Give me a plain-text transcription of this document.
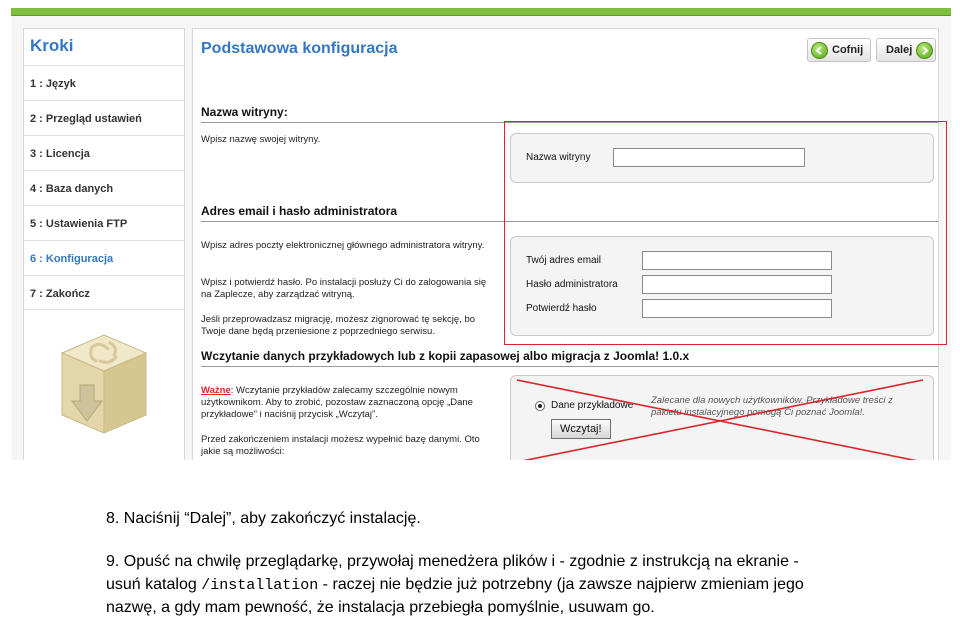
Kroki
1 : Język
2 : Przegląd ustawień
3 : Licencja
4 : Baza danych
5 : Ustawienia FTP
6 : Konfiguracja
7 : Zakończ
Podstawowa konfiguracja	Cofnij	Dalej
Nazwa witryny:
Wpisz nazwę swojej witryny.
Nazwa witryny
Adres email i hasło administratora
Wpisz adres poczty elektronicznej głównego administratora witryny.
Wpisz i potwierdź hasło. Po instalacji posłuży Ci do zalogowania się na Zaplecze, aby zarządzać witryną.
Jeśli przeprowadzasz migrację, możesz zignorować tę sekcję, bo Twoje dane będą przeniesione z poprzedniego serwisu.
Twój adres email
Hasło administratora
Potwierdź hasło
Wczytanie danych przykładowych lub z kopii zapasowej albo migracja z Joomla! 1.0.x
Ważne: Wczytanie przykładów zalecamy szczególnie nowym użytkownikom. Aby to zrobić, pozostaw zaznaczoną opcję „Dane przykładowe” i naciśnij przycisk „Wczytaj”.
Przed zakończeniem instalacji możesz wypełnić bazę danymi. Oto jakie są możliwości:
Dane przykładowe Zalecane dla nowych użytkowników. Przykładowe treści z pakietu instalacyjnego pomogą Ci poznać Joomla!.
Wczytaj!
8. Naciśnij “Dalej”, aby zakończyć instalację.
9. Opuść na chwilę przeglądarkę, przywołaj menedżera plików i - zgodnie z instrukcją na ekranie -
usuń katalog /installation - raczej nie będzie już potrzebny (ja zawsze najpierw zmieniam jego
nazwę, a gdy mam pewność, że instalacja przebiegła pomyślnie, usuwam go.
